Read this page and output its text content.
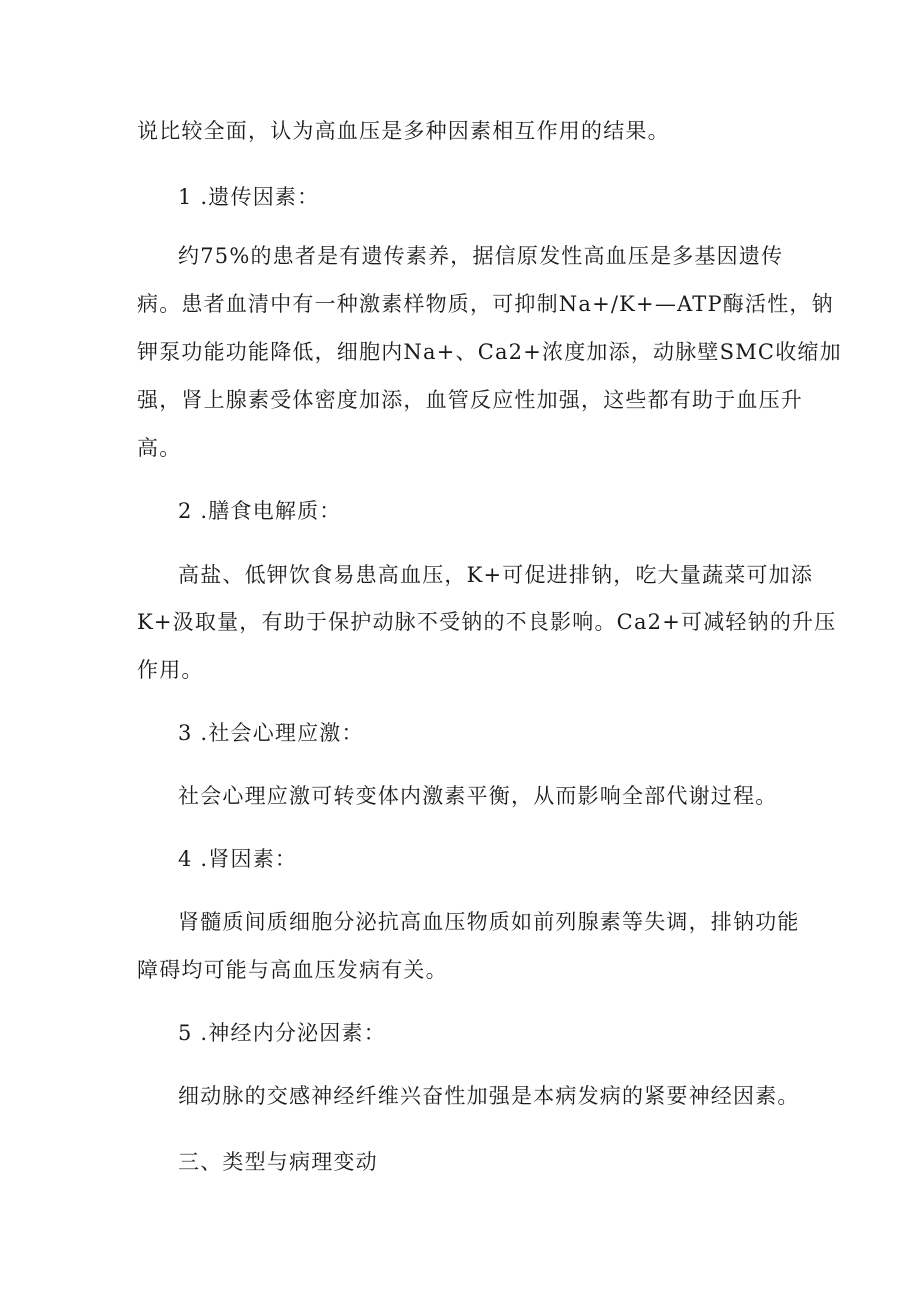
说比较全面，认为高血压是多种因素相互作用的结果。
1 .遗传因素：
约75%的患者是有遗传素养，据信原发性高血压是多基因遗传
病。患者血清中有一种激素样物质，可抑制Na+/K+—ATP酶活性，钠
钾泵功能功能降低，细胞内Na+、Ca2+浓度加添，动脉壁SMC收缩加
强，肾上腺素受体密度加添，血管反应性加强，这些都有助于血压升
高。
2 .膳食电解质：
高盐、低钾饮食易患高血压，K+可促进排钠，吃大量蔬菜可加添
K+汲取量，有助于保护动脉不受钠的不良影响。Ca2+可减轻钠的升压
作用。
3 .社会心理应激：
社会心理应激可转变体内激素平衡，从而影响全部代谢过程。
4 .肾因素：
肾髓质间质细胞分泌抗高血压物质如前列腺素等失调，排钠功能
障碍均可能与高血压发病有关。
5 .神经内分泌因素：
细动脉的交感神经纤维兴奋性加强是本病发病的紧要神经因素。
三、类型与病理变动
